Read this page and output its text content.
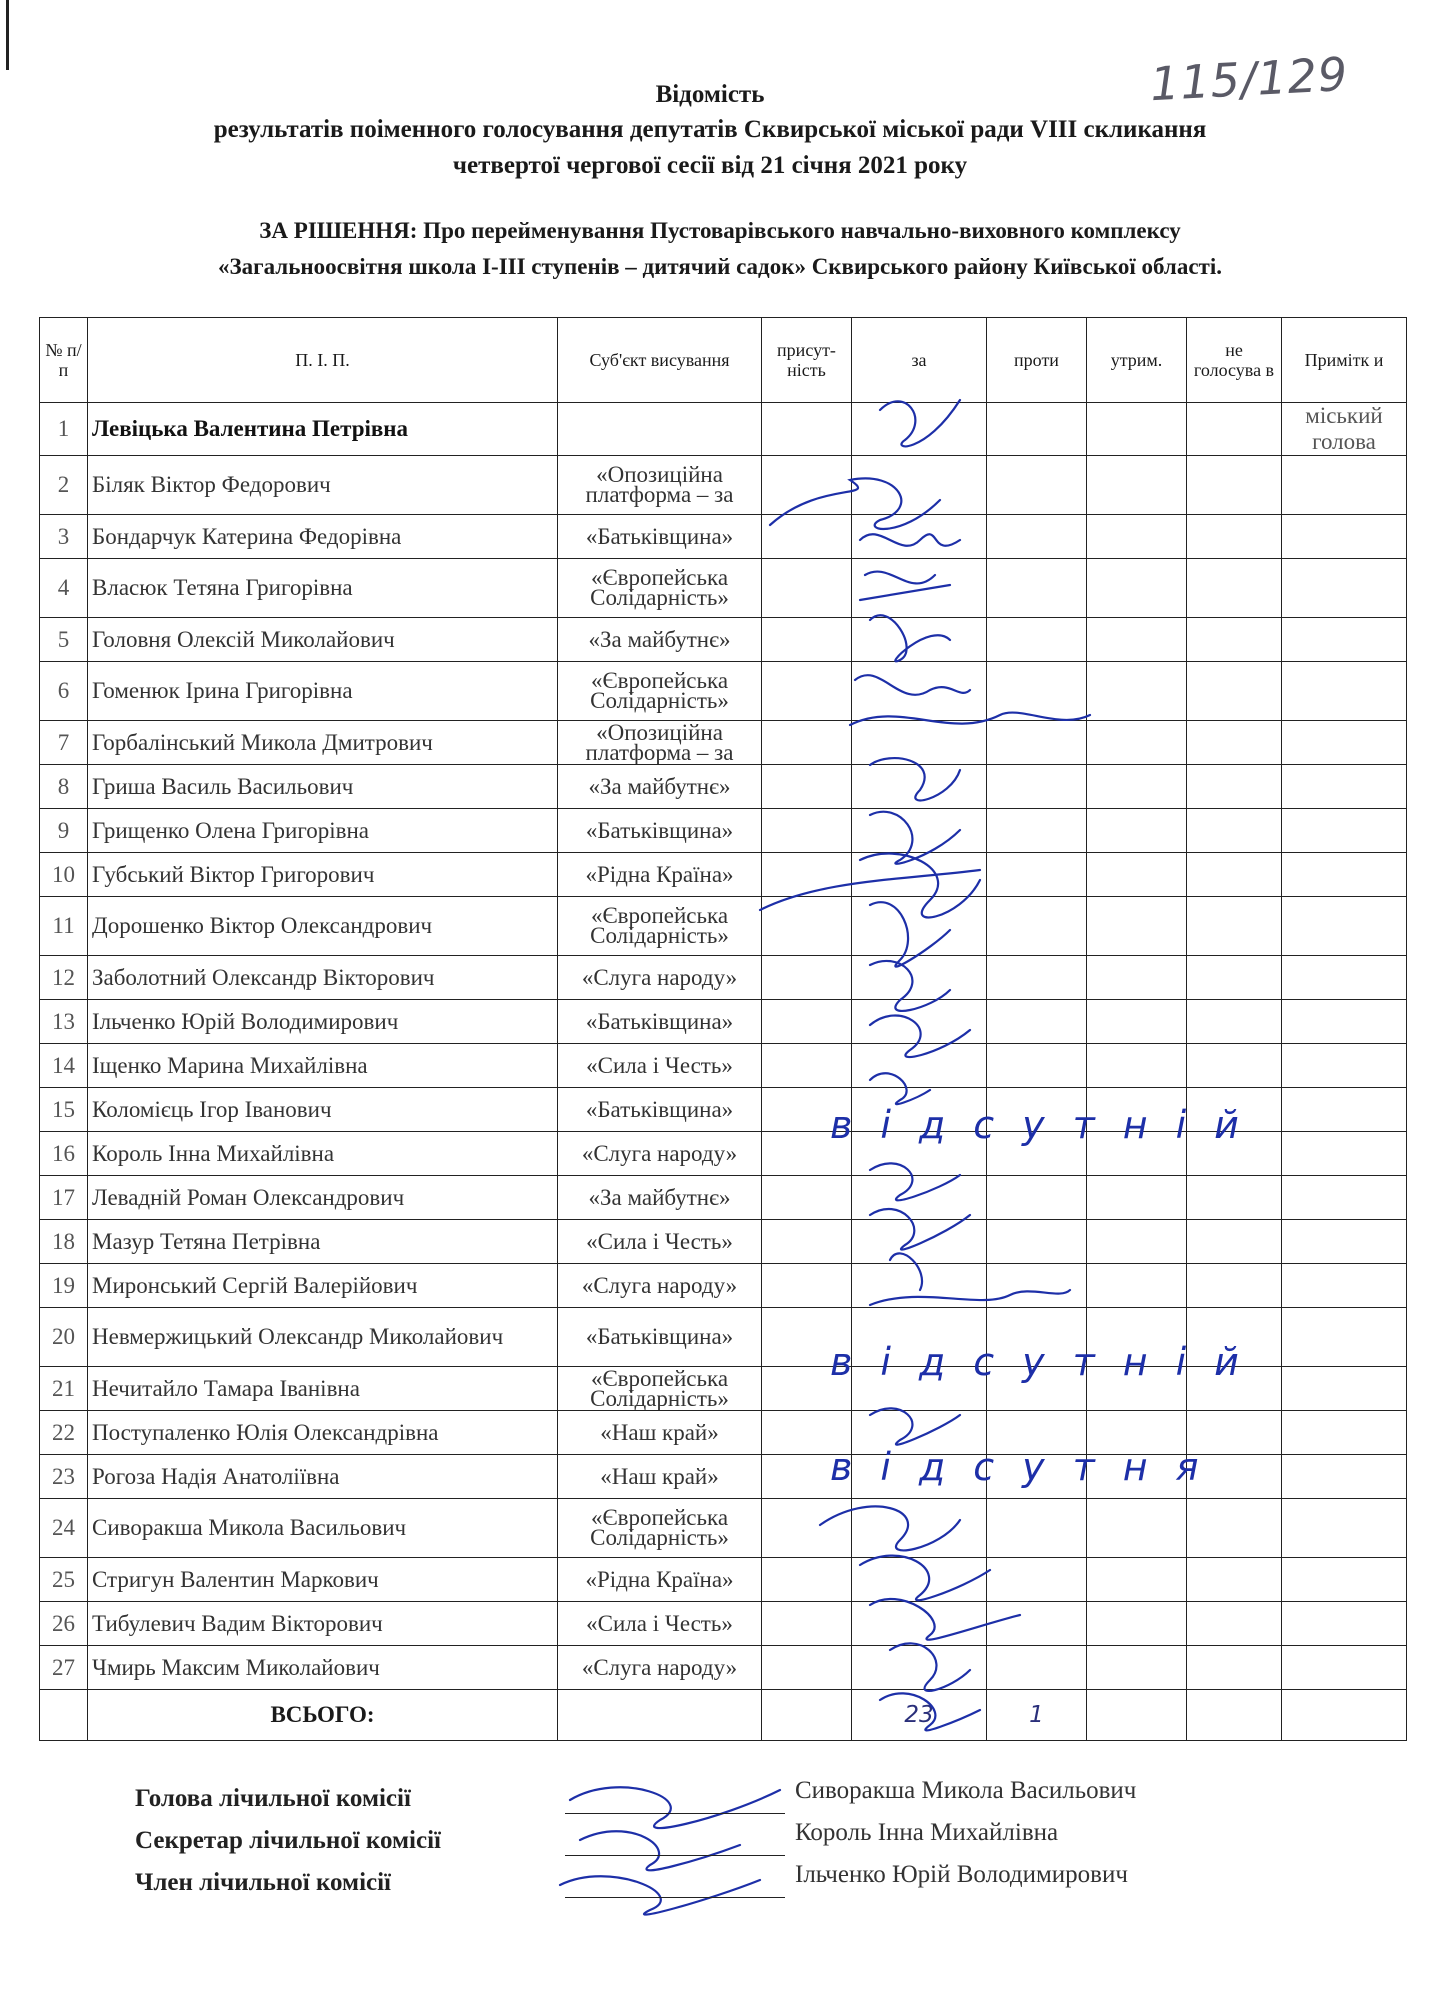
115/129
Відомість
результатів поіменного голосування депутатів Сквирської міської ради VIII скликання
четвертої чергової сесії від 21 січня 2021 року
ЗА РІШЕННЯ: Про перейменування Пустоварівського навчально-виховного комплексу
«Загальноосвітня школа І-ІІІ ступенів – дитячий садок» Сквирського району Київської області.
№ п/п	П. І. П.	Суб'єкт висування	присут-ність	за	проти	утрим.	не голосува в	Примітк и
1	Левіцька Валентина Петрівна							міський голова
2	Біляк Віктор Федорович	«Опозиційна платформа – за						
3	Бондарчук Катерина Федорівна	«Батьківщина»						
4	Власюк Тетяна Григорівна	«Європейська Солідарність»						
5	Головня Олексій Миколайович	«За майбутнє»						
6	Гоменюк Ірина Григорівна	«Європейська Солідарність»						
7	Горбалінський Микола Дмитрович	«Опозиційна платформа – за						
8	Гриша Василь Васильович	«За майбутнє»						
9	Грищенко Олена Григорівна	«Батьківщина»						
10	Губський Віктор Григорович	«Рідна Країна»						
11	Дорошенко Віктор Олександрович	«Європейська Солідарність»						
12	Заболотний Олександр Вікторович	«Слуга народу»						
13	Ільченко Юрій Володимирович	«Батьківщина»						
14	Іщенко Марина Михайлівна	«Сила і Честь»						
15	Коломієць Ігор Іванович	«Батьківщина»						
16	Король Інна Михайлівна	«Слуга народу»						
17	Левадній Роман Олександрович	«За майбутнє»						
18	Мазур Тетяна Петрівна	«Сила і Честь»						
19	Миронський Сергій Валерійович	«Слуга народу»						
20	Невмержицький Олександр Миколайович	«Батьківщина»						
21	Нечитайло Тамара Іванівна	«Європейська Солідарність»						
22	Поступаленко Юлія Олександрівна	«Наш край»						
23	Рогоза Надія Анатоліївна	«Наш край»						
24	Сиворакша Микола Васильович	«Європейська Солідарність»						
25	Стригун Валентин Маркович	«Рідна Країна»						
26	Тибулевич Вадим Вікторович	«Сила і Честь»						
27	Чмирь Максим Миколайович	«Слуга народу»						
	ВСЬОГО:			23	1			
відсутній
відсутній
відсутня
Голова лічильної комісії	Сиворакша Микола Васильович
Секретар лічильної комісії	Король Інна Михайлівна
Член лічильної комісії	Ільченко Юрій Володимирович
